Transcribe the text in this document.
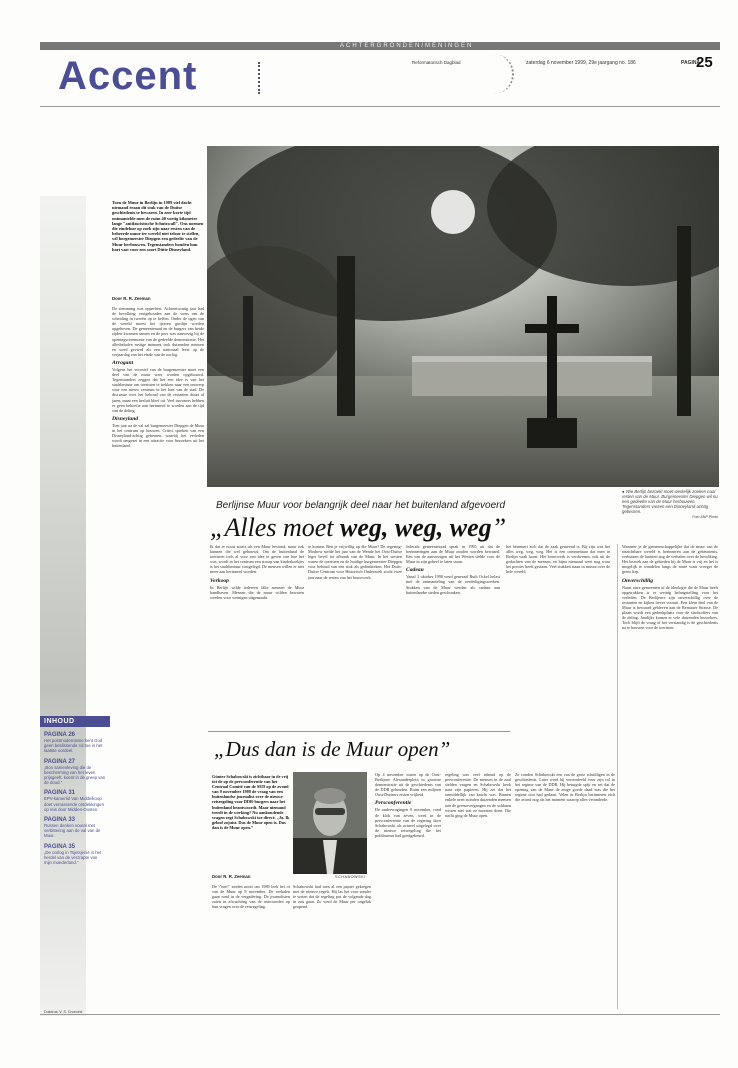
ACHTERGRONDEN/MENINGEN
Accent	Reformatorisch Dagblad	zaterdag 6 november 1999, 29e jaargang no. 186	PAGINA
25
Toen de Muur in Berlijn in 1989 viel dacht niemand eraan dit stuk van de Duitse geschiedenis te bewaren. In zeer korte tijd ontmantelde men de ruim 40 voetig kilometer lange "antifascistische Schutzwall". Ons noemen die eindeloze op zoek zijn naar resten van de beheerde muur ter wereld niet teloor te stellen, wil borgemeester Diepgen een gedeelte van de Muur herbouwen. Tegenstanders houden hun hart vast voor een soort Dütte Disneyland.
Door R. R. Zeeman
De stemming was opperbest. Achtentwintig jaar had de bevolking vastgehouden aan de wens om de scheiding in tweeën op te heffen. Onder de ogen van de wereld moest het ijzeren gordijn worden opgeheven. De gemeenteraad en de burgers van beide zijden kwamen samen en de pers was aanwezig bij de openingsceremonie van de gedeelde demonstratie. Het allesbehalve rustige moment trok duizenden mensen en werd gevierd als een nationaal feest op de verjaardag van het einde van de oorlog.
Arrogant
Volgens het voorstel van de burgemeester moet een deel van de muur weer worden opgebouwd. Tegenstanders zeggen dat het een idee is van het stadsbestuur om toeristen te trekken naar een ontwerp voor een nieuw centrum in het hart van de stad. De discussie over het behoud van de restanten duurt al jaren, maar een besluit bleef uit. Veel inwoners hebben er geen behoefte aan herinnerd te worden aan de tijd van de deling.
Disneyland
Tien jaar na de val zal burgemeester Diepgen de Muur in het centrum op bouwen. Critici spreken van een Disneyland-achtig gebeuren, waarbij het verleden wordt omgezet in een attractie voor bezoekers uit het buitenland.
● Wie Berlijn bezoekt moet werkelijk zoeken naar resten van de Muur. Burgemeester Diepgen wil nu een gedeelte van de Muur herbouwen. Tegenstanders vrezen een Disneyland-achtig gebeuren.
Foto ANP Photo
Berlijnse Muur voor belangrijk deel naar het buitenland afgevoerd
„Alles moet weg, weg, weg”
Ik dat er nooit zoiets als een Muur bestond, maar ook kunnen die wel gebouwd. Om de buitenland de toeristen toch al voor een idee te geven van hoe het was, wordt in het centrum een stroop van kinderkoekjes is het stadsbestuur vastgelegd. De mensen willen er niet meer aan herinnerd worden.
Verkoop
In Berlijn wilde iedereen fälte mensen de Muur handhaven. Mensen die de muur wilden bewaren werden voor weinigen uitgemaakt.
te komen. Ben je vrijwillig op die Muur? De regering-Modrow stelde het jaar van de Wende het Oost-Duitse leger bevel tot afbraak van de Muur. In het westen waren de toeristen en de huidige burgemeester Diepgen voor behoud van een stuk als gedenkteken. Het Duits-Duitse Centrum voor Historisch Onderzoek zocht twee jaar naar de resten van het bouwwerk.
federale gemeenteraad sprak in 1995 uit dat de herinneringen aan de Muur zouden worden bewaard. Een van de aanwezigen uit het Westen stelde voor de Muur in zijn geheel te laten staan.
Cadeau
Vanaf 3 oktober 1990 werd generaal Ruth Ockel belast met de ontmanteling van de verdedigingswerken. Stukken van de Muur werden als cadeau aan buitenlandse steden geschonken.
het herinnert zich dat de zaak gemeend is. Bij zijn was het alles weg, weg, weg. Het is een commentaar dat men in Berlijn vaak hoort. Het bouwwerk is verdwenen, ook uit de gedachten van de mensen, en bijna niemand weet nog waar het precies heeft gestaan. Veel stukken staan in musea over de hele wereld.
Wanneer je de gemeenschappelijke dat de muur van de onzichtbare wereld is herinneren aan de gebeurtenis, verhuizen de laatsten nog de verhalen over de bevolking. Het bezoek aan de gebieden bij de Muur is vrij en het is mogelijk te wandelen langs de route waar vroeger de grens liep.
Onverschillig
Naast onze gemeenten of de ideologie die de Muur heeft opgetrokken is er weinig belangstelling voor het verleden. De Berlijners zijn onverschillig over de restanten en kijken liever vooruit. Een klein deel van de Muur is bewaard gebleven aan de Bernauer Strasse. De plaats wordt een gedenkplaats voor de slachtoffers van de deling. Jaarlijks komen er vele duizenden bezoekers. Toch blijft de vraag of het verstandig is de geschiedenis na te bouwen voor de toeristen.
„Dus dan is de Muur open”
Günter Schabowski is zichtbaar in de vrij tot de op de persconferentie van het Centraal Comité van de SED op de avond van 9 november 1989 de vraag van een buitenlandse journalist over de nieuwe reisregeling voor DDR-burgers naar het buitenland beantwoordt. Maar niemand treedt in de werking? Nu aankondende vragen zegt Schabowski toe direct: „Ja. Ik geloof zojuist. Dus de Muur open is. Dus dan is de Muur open.”
Door R. R. Zeeman	SCHABOWSKI
De \"nee\" zeiden nooit om 1989 leek het of van de Muur op 9 november. De verhalen gaan rond in de vergadering. De journalisten zaten in afwachting van de antwoorden op hun vragen over de reisregeling.
Schabowski had toen al een papier gekregen met de nieuwe regels. Hij las het voor zonder te weten dat de regeling pas de volgende dag in zou gaan. Zo werd de Muur per ongeluk geopend.
Op 4 november waren op de Oost-Berlijnse Alexanderplein in grootste demonstratie uit de geschiedenis van de DDR gehouden. Ruim een miljoen Oost-Duitsers eisten vrijheid.
Persconferentie
De ondervragingen 9 november, rond de klok van zeven, werd in de persconferentie van de regering door Schabowski als actueel uitgelegd over de nieuwe reisregeling die het politbureau had goedgekeurd.
regeling was veel inhoud op de persconferentie. De mensen in de zaal stelden vragen en Schabowski keek naar zijn papieren. Hij zei dat het onmiddellijk van kracht was. Binnen enkele uren stonden duizenden mensen aan de grensovergangen en de soldaten wisten niet wat ze moesten doen. Die nacht ging de Muur open.
Ze vonden Schabowski een van de grote schuldigen in de geschiedenis. Later werd hij veroordeeld voor zijn rol in het regime van de DDR. Hij betuigde spijt en zei dat de opening van de Muur de enige goede daad was die het regime ooit had gedaan. Velen in Berlijn herinneren zich die avond nog als het moment waarop alles veranderde.
INHOUD
PAGINA 26
Het postmodernisme kent God geen beslissende rol toe in het laatste oordeel.
PAGINA 27
„Bon samenleving die de bescherming van het leven prijsgeeft, koent in de greep van de dood.”
PAGINA 31
EPV-kamerlid Van Middelkoop doet verrassende ontdekkingen op reis door Midden-Oosten.
PAGINA 33
Russen denken vooral met verbittering aan de val van de Muur.
PAGINA 35
„De oorlog in Tsjetsjenië is het herdel van de verzrapte van mijn moederland.”
Dukdruk: V. S. Groenink
